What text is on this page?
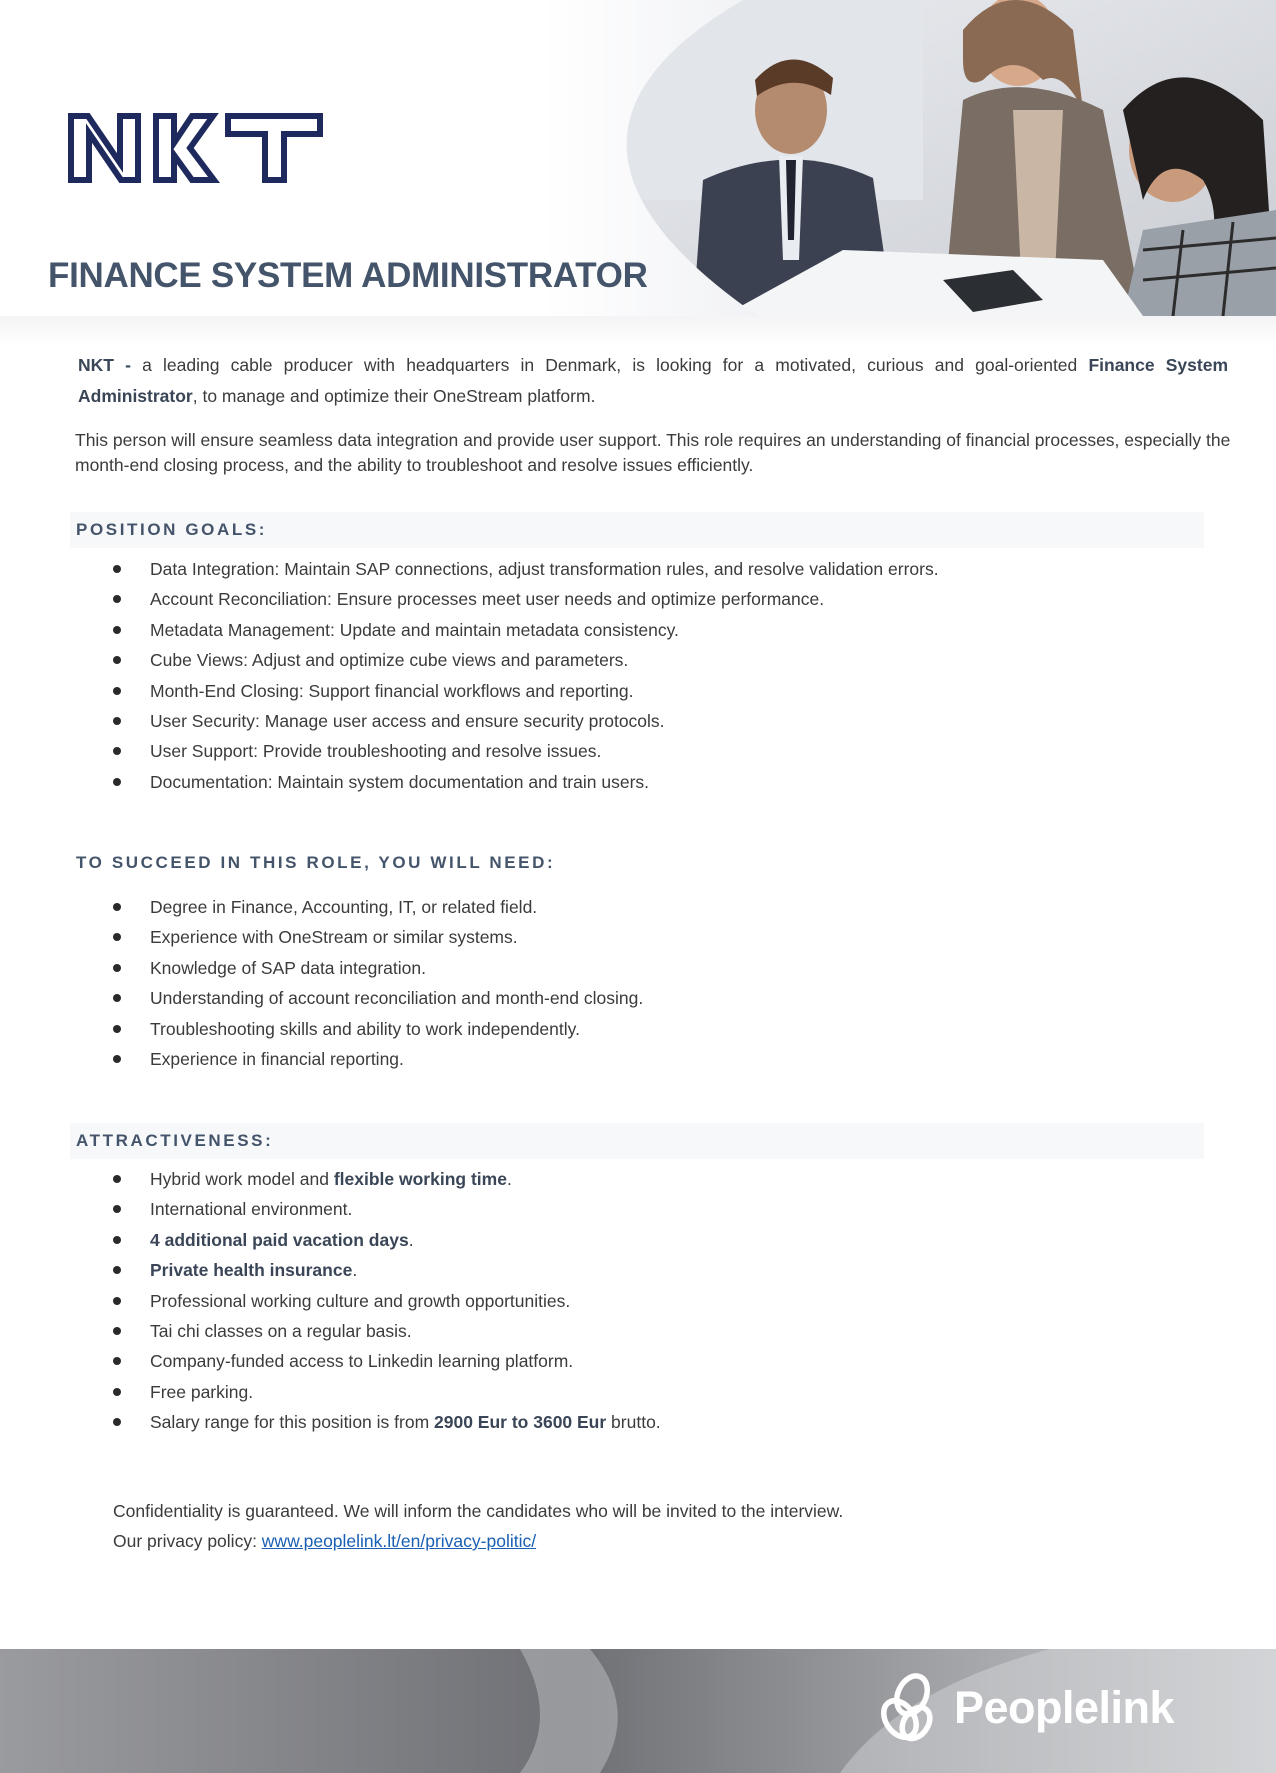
FINANCE SYSTEM ADMINISTRATOR

NKT - a leading cable producer with headquarters in Denmark, is looking for a motivated, curious and goal-oriented Finance System Administrator, to manage and optimize their OneStream platform.

This person will ensure seamless data integration and provide user support. This role requires an understanding of financial processes, especially the month-end closing process, and the ability to troubleshoot and resolve issues efficiently.

POSITION GOALS:
Data Integration: Maintain SAP connections, adjust transformation rules, and resolve validation errors.
Account Reconciliation: Ensure processes meet user needs and optimize performance.
Metadata Management: Update and maintain metadata consistency.
Cube Views: Adjust and optimize cube views and parameters.
Month-End Closing: Support financial workflows and reporting.
User Security: Manage user access and ensure security protocols.
User Support: Provide troubleshooting and resolve issues.
Documentation: Maintain system documentation and train users.
TO SUCCEED IN THIS ROLE, YOU WILL NEED:
Degree in Finance, Accounting, IT, or related field.
Experience with OneStream or similar systems.
Knowledge of SAP data integration.
Understanding of account reconciliation and month-end closing.
Troubleshooting skills and ability to work independently.
Experience in financial reporting.
ATTRACTIVENESS:
Hybrid work model and flexible working time.
International environment.
4 additional paid vacation days.
Private health insurance.
Professional working culture and growth opportunities.
Tai chi classes on a regular basis.
Company-funded access to Linkedin learning platform.
Free parking.
Salary range for this position is from 2900 Eur to 3600 Eur brutto.
Confidentiality is guaranteed. We will inform the candidates who will be invited to the interview.
Our privacy policy: www.peoplelink.lt/en/privacy-politic/
Peoplelink
